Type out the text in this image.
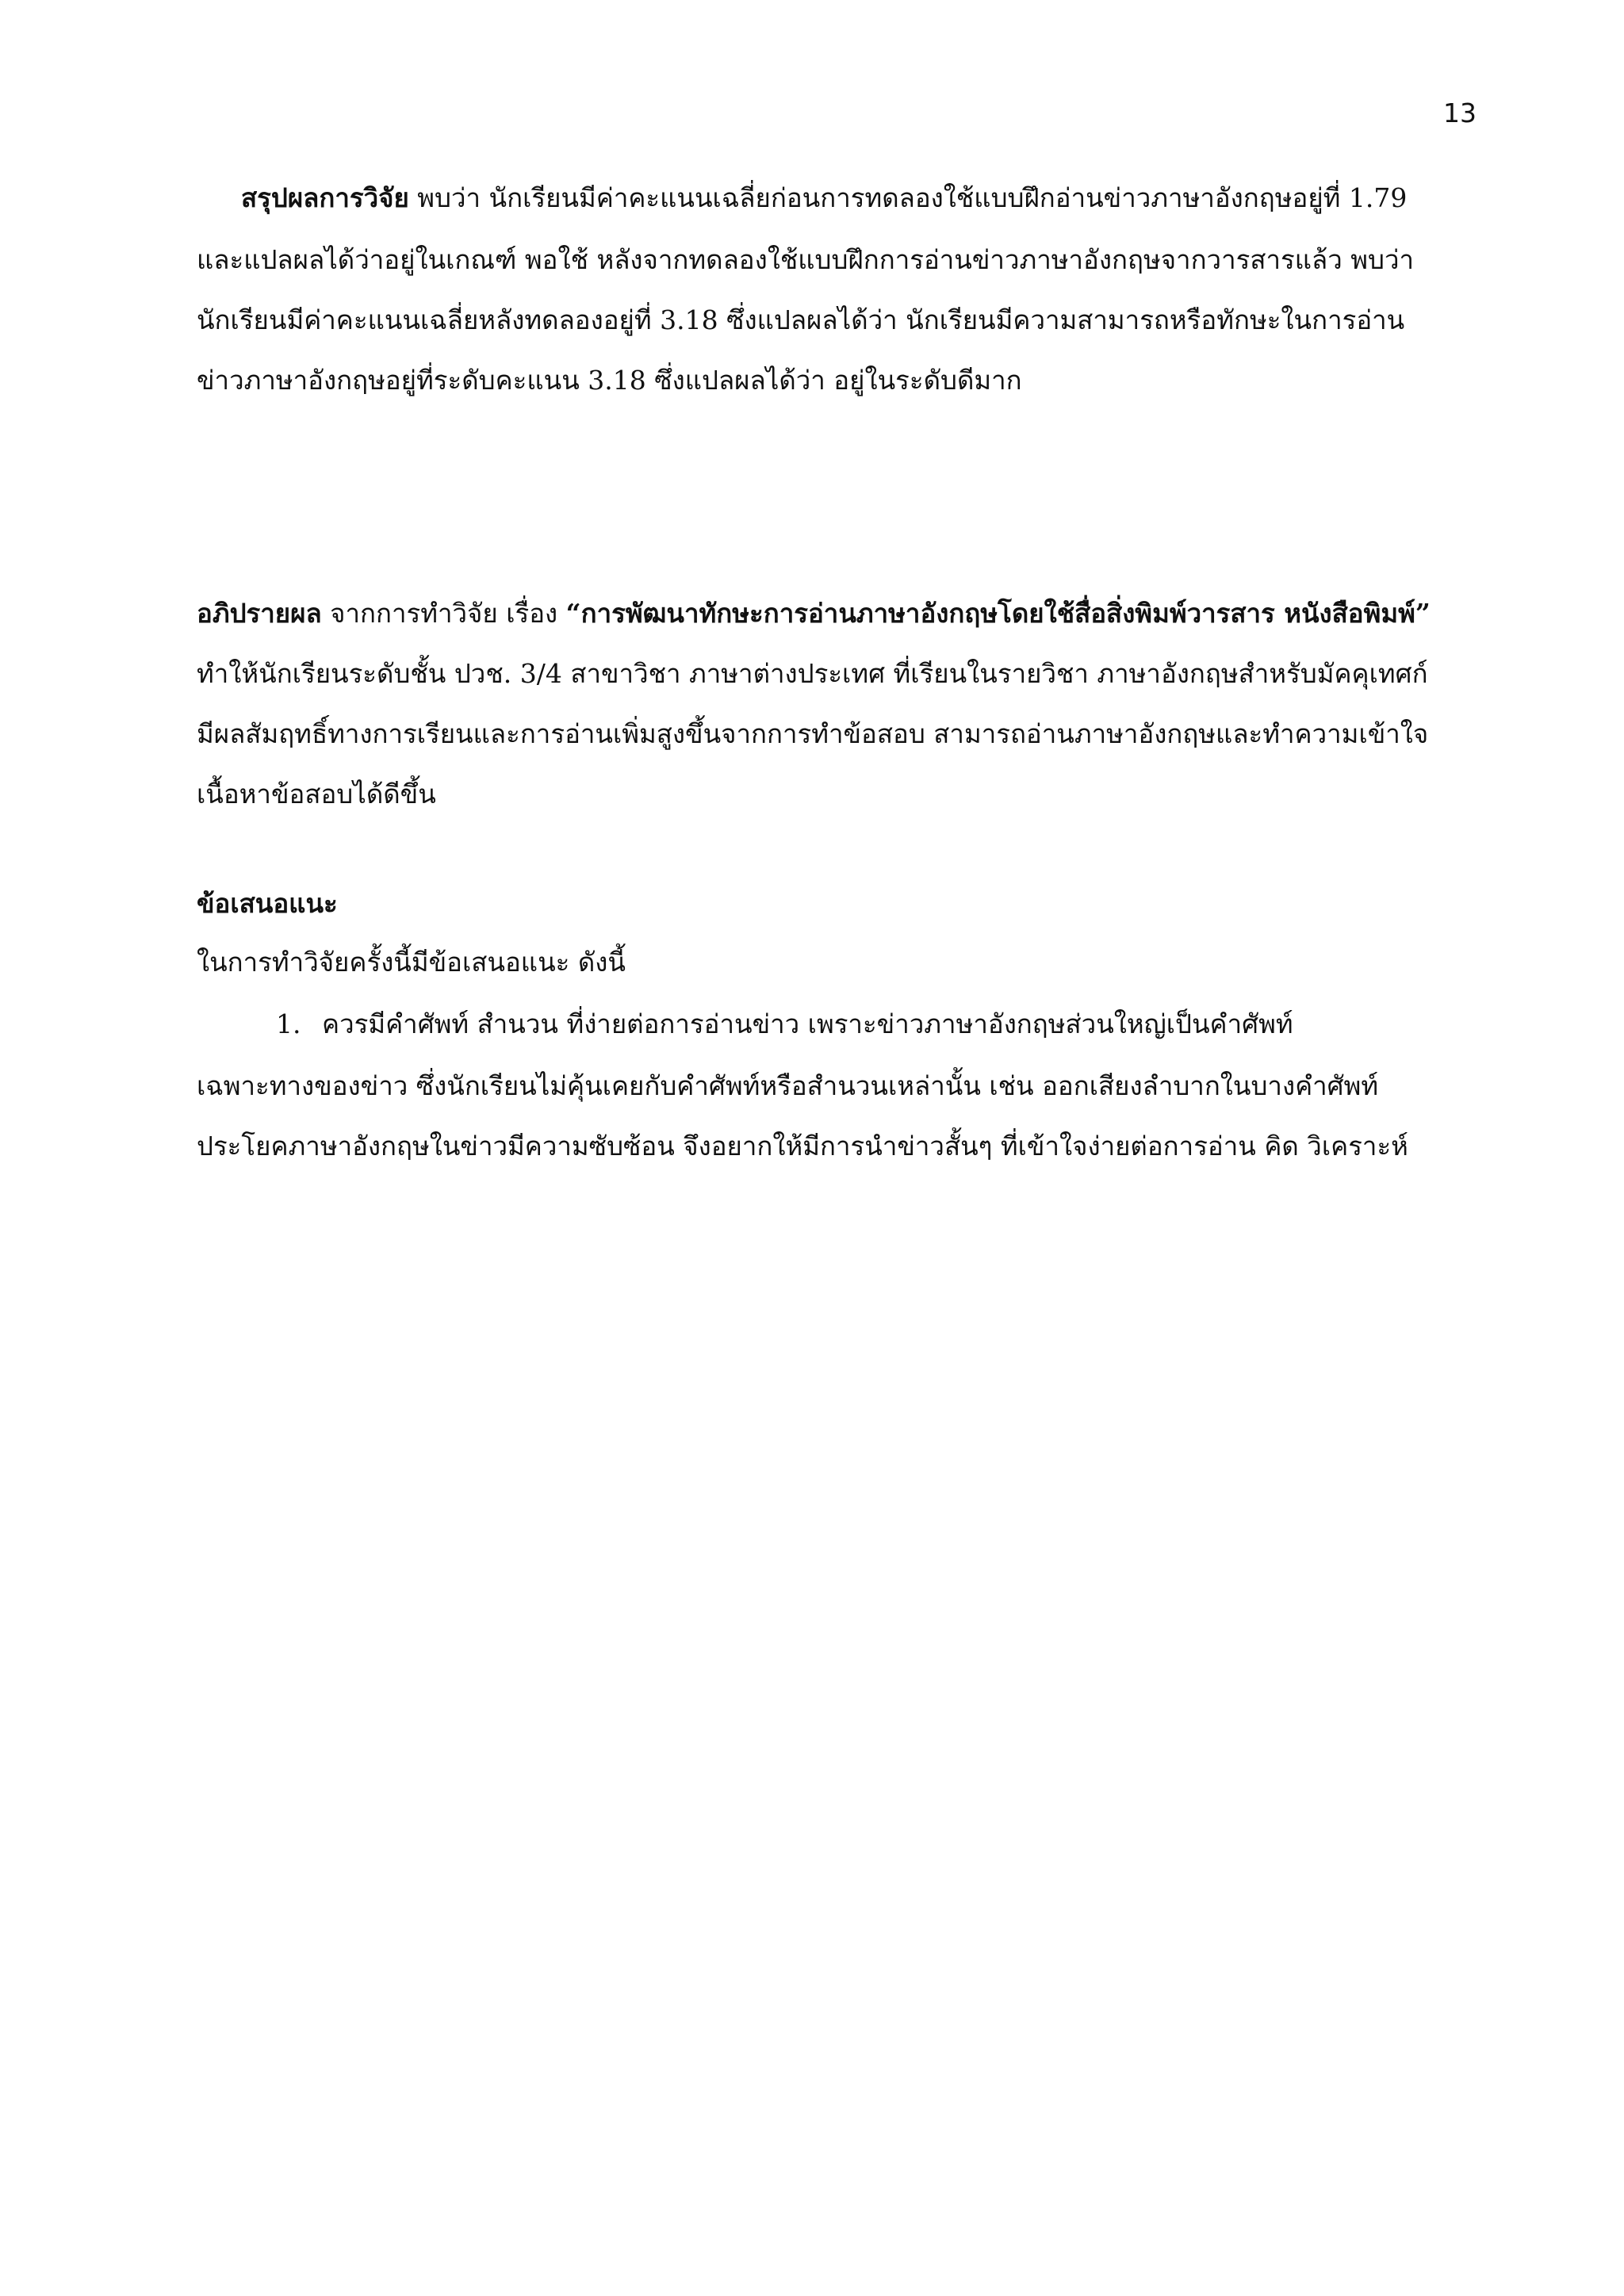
13
สรุปผลการวิจัย พบว่า นักเรียนมีค่าคะแนนเฉลี่ยก่อนการทดลองใช้แบบฝึกอ่านข่าวภาษาอังกฤษอยู่ที่ 1.79
และแปลผลได้ว่าอยู่ในเกณฑ์ พอใช้ หลังจากทดลองใช้แบบฝึกการอ่านข่าวภาษาอังกฤษจากวารสารแล้ว พบว่า
นักเรียนมีค่าคะแนนเฉลี่ยหลังทดลองอยู่ที่ 3.18 ซึ่งแปลผลได้ว่า นักเรียนมีความสามารถหรือทักษะในการอ่าน
ข่าวภาษาอังกฤษอยู่ที่ระดับคะแนน 3.18 ซึ่งแปลผลได้ว่า อยู่ในระดับดีมาก
อภิปรายผล จากการทำวิจัย เรื่อง “การพัฒนาทักษะการอ่านภาษาอังกฤษโดยใช้สื่อสิ่งพิมพ์วารสาร หนังสือพิมพ์”
ทำให้นักเรียนระดับชั้น ปวช. 3/4 สาขาวิชา ภาษาต่างประเทศ ที่เรียนในรายวิชา ภาษาอังกฤษสำหรับมัคคุเทศก์
มีผลสัมฤทธิ์ทางการเรียนและการอ่านเพิ่มสูงขึ้นจากการทำข้อสอบ สามารถอ่านภาษาอังกฤษและทำความเข้าใจ
เนื้อหาข้อสอบได้ดีขึ้น
ข้อเสนอแนะ
ในการทำวิจัยครั้งนี้มีข้อเสนอแนะ ดังนี้
1. ควรมีคำศัพท์ สำนวน ที่ง่ายต่อการอ่านข่าว เพราะข่าวภาษาอังกฤษส่วนใหญ่เป็นคำศัพท์
เฉพาะทางของข่าว ซึ่งนักเรียนไม่คุ้นเคยกับคำศัพท์หรือสำนวนเหล่านั้น เช่น ออกเสียงลำบากในบางคำศัพท์
ประโยคภาษาอังกฤษในข่าวมีความซับซ้อน จึงอยากให้มีการนำข่าวสั้นๆ ที่เข้าใจง่ายต่อการอ่าน คิด วิเคราะห์
